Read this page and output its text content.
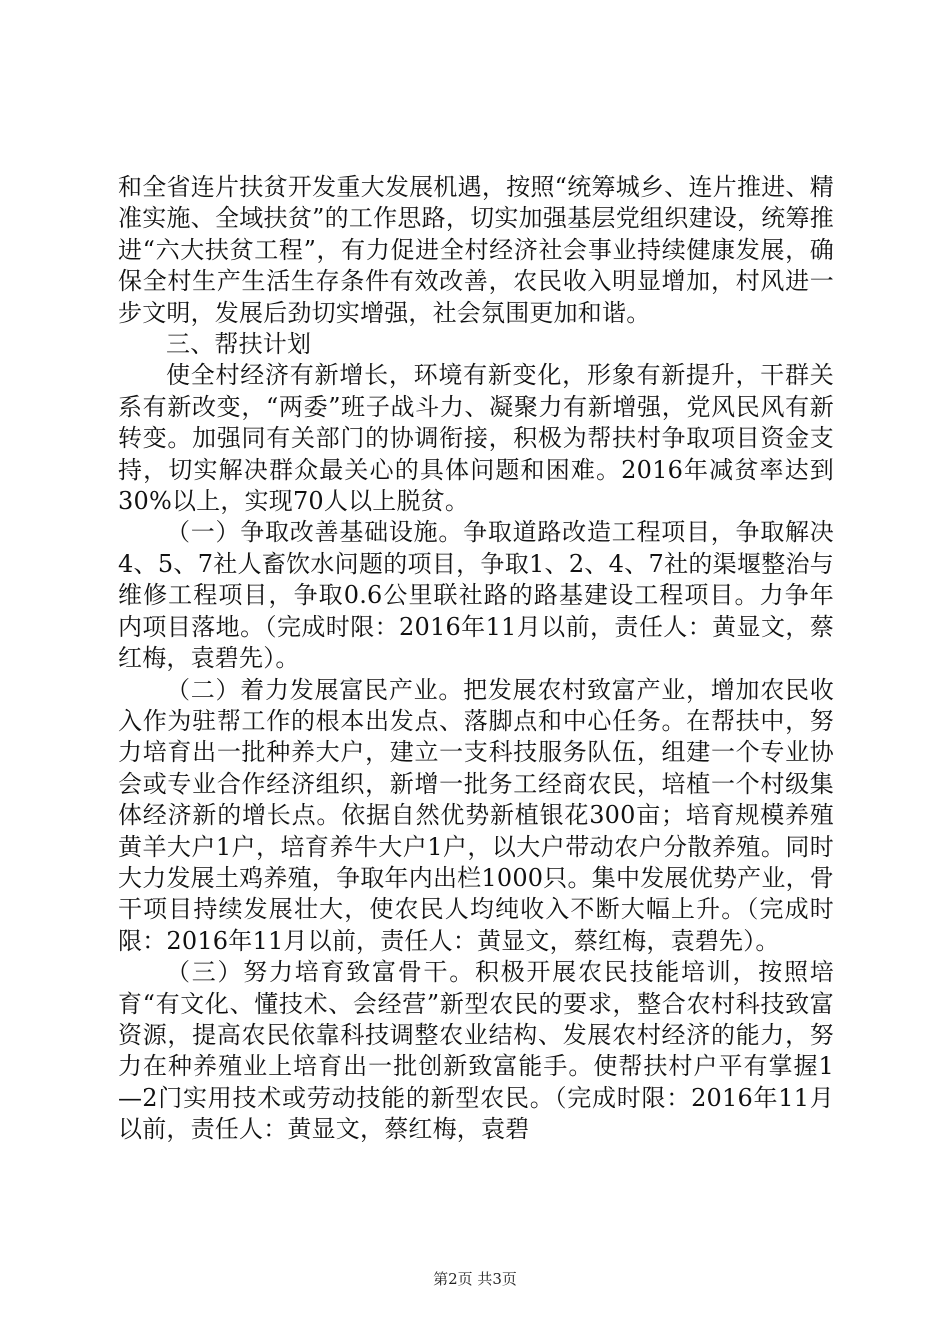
和全省连片扶贫开发重大发展机遇，按照“统筹城乡、连片推进、精准实施、全域扶贫”的工作思路，切实加强基层党组织建设，统筹推进“六大扶贫工程”，有力促进全村经济社会事业持续健康发展，确保全村生产生活生存条件有效改善，农民收入明显增加，村风进一步文明，发展后劲切实增强，社会氛围更加和谐。

三、帮扶计划

使全村经济有新增长，环境有新变化，形象有新提升，干群关系有新改变，“两委”班子战斗力、凝聚力有新增强，党风民风有新转变。加强同有关部门的协调衔接，积极为帮扶村争取项目资金支持，切实解决群众最关心的具体问题和困难。2016年减贫率达到30%以上，实现70人以上脱贫。

（一）争取改善基础设施。争取道路改造工程项目，争取解决4、5、7社人畜饮水问题的项目，争取1、2、4、7社的渠堰整治与维修工程项目，争取0.6公里联社路的路基建设工程项目。力争年内项目落地。（完成时限：2016年11月以前，责任人：黄显文，蔡红梅，袁碧先）。

（二）着力发展富民产业。把发展农村致富产业，增加农民收入作为驻帮工作的根本出发点、落脚点和中心任务。在帮扶中，努力培育出一批种养大户，建立一支科技服务队伍，组建一个专业协会或专业合作经济组织，新增一批务工经商农民，培植一个村级集体经济新的增长点。依据自然优势新植银花300亩；培育规模养殖黄羊大户1户，培育养牛大户1户，以大户带动农户分散养殖。同时大力发展土鸡养殖，争取年内出栏1000只。集中发展优势产业，骨干项目持续发展壮大，使农民人均纯收入不断大幅上升。（完成时限：2016年11月以前，责任人：黄显文，蔡红梅，袁碧先）。

（三）努力培育致富骨干。积极开展农民技能培训，按照培育“有文化、懂技术、会经营”新型农民的要求，整合农村科技致富资源，提高农民依靠科技调整农业结构、发展农村经济的能力，努力在种养殖业上培育出一批创新致富能手。使帮扶村户平有掌握1—2门实用技术或劳动技能的新型农民。（完成时限：2016年11月以前，责任人：黄显文，蔡红梅，袁碧

第2页 共3页
